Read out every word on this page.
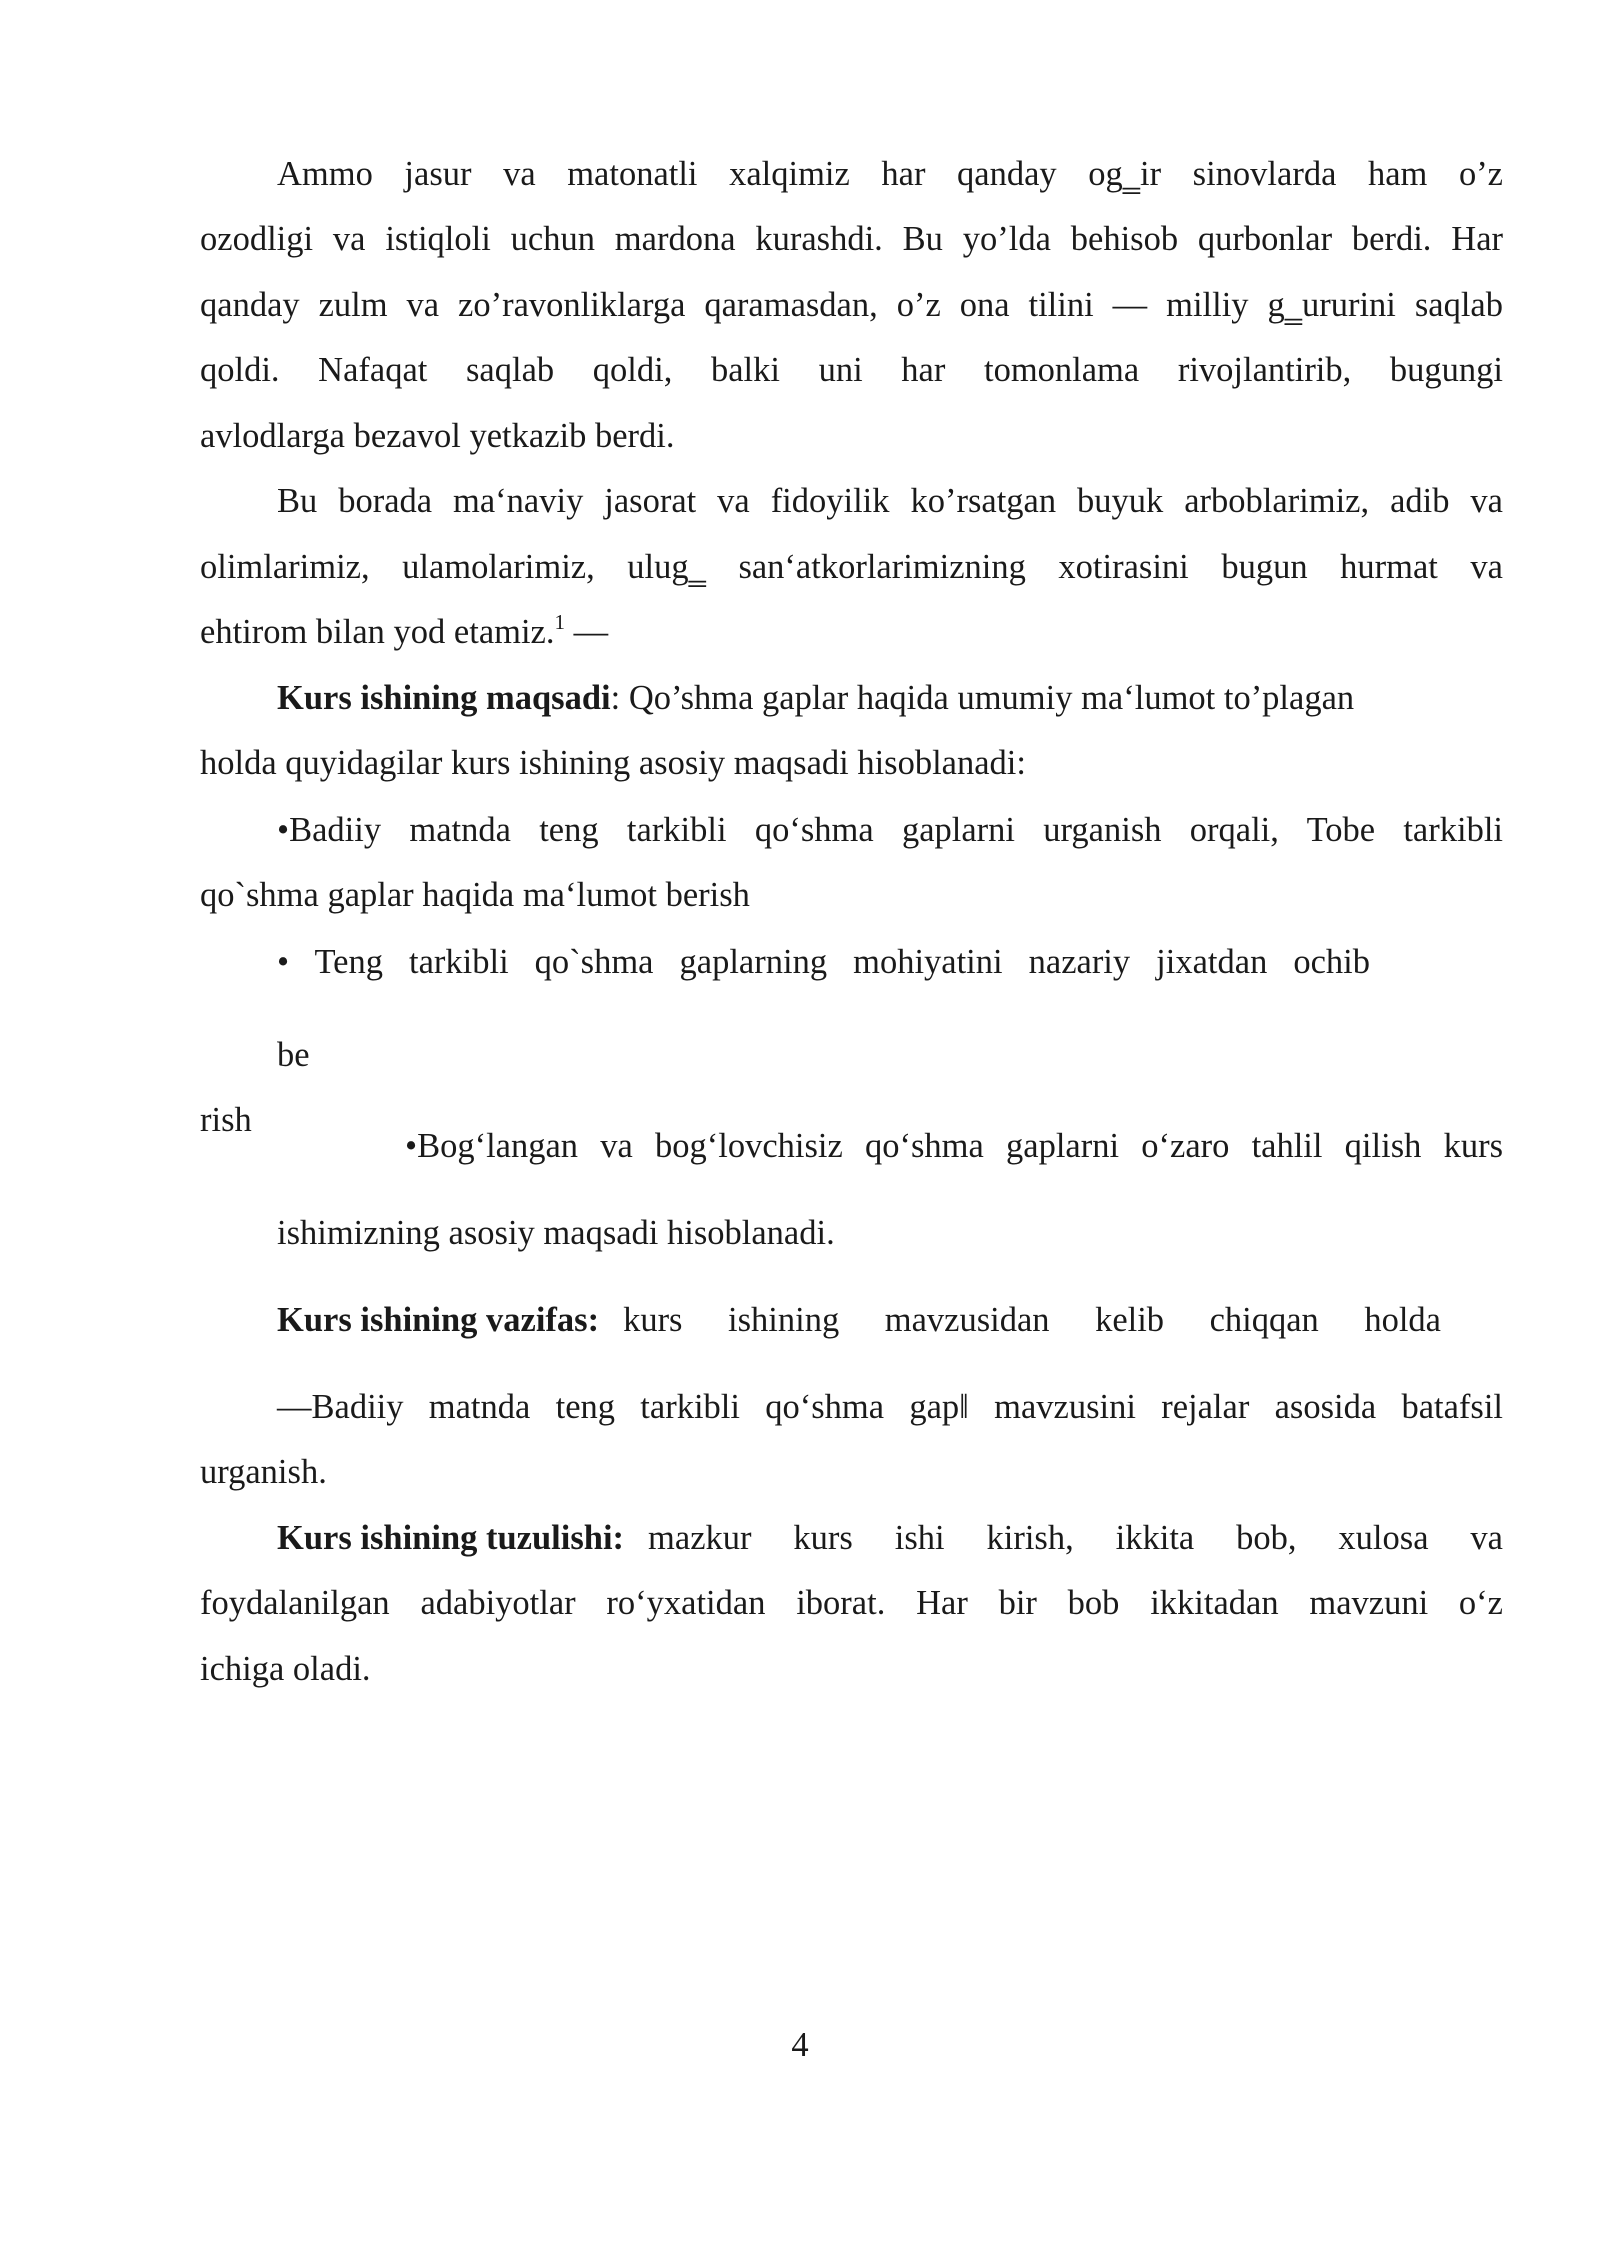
Ammo jasur va matonatli xalqimiz har qanday og‗ir sinovlarda ham o’z
ozodligi va istiqloli uchun mardona kurashdi. Bu yo’lda behisob qurbonlar berdi. Har
qanday zulm va zo’ravonliklarga qaramasdan, o’z ona tilini — milliy g‗ururini saqlab
qoldi. Nafaqat saqlab qoldi, balki uni har tomonlama rivojlantirib, bugungi
avlodlarga bezavol yetkazib berdi.
Bu borada ma‘naviy jasorat va fidoyilik ko’rsatgan buyuk arboblarimiz, adib va
olimlarimiz, ulamolarimiz, ulug‗ san‘atkorlarimizning xotirasini bugun hurmat va
ehtirom bilan yod etamiz.$^1$ —
Kurs ishining maqsadi: Qo’shma gaplar haqida umumiy ma‘lumot to’plagan
holda quyidagilar kurs ishining asosiy maqsadi hisoblanadi:
•Badiiy matnda teng tarkibli qo‘shma gaplarni urganish orqali, Tobe tarkibli
qo`shma gaplar haqida ma‘lumot berish
• Teng tarkibli qo`shma gaplarning mohiyatini nazariy jixatdan ochib
be
rish
•Bog‘langan va bog‘lovchisiz qo‘shma gaplarni o‘zaro tahlil qilish kurs
ishimizning asosiy maqsadi hisoblanadi.
Kurs ishining vazifas: kurs ishining mavzusidan kelib chiqqan holda
―Badiiy matnda teng tarkibli qo‘shma gap‖ mavzusini rejalar asosida batafsil
urganish.
Kurs ishining tuzulishi: mazkur kurs ishi kirish, ikkita bob, xulosa va
foydalanilgan adabiyotlar ro‘yxatidan iborat. Har bir bob ikkitadan mavzuni o‘z
ichiga oladi.
4
